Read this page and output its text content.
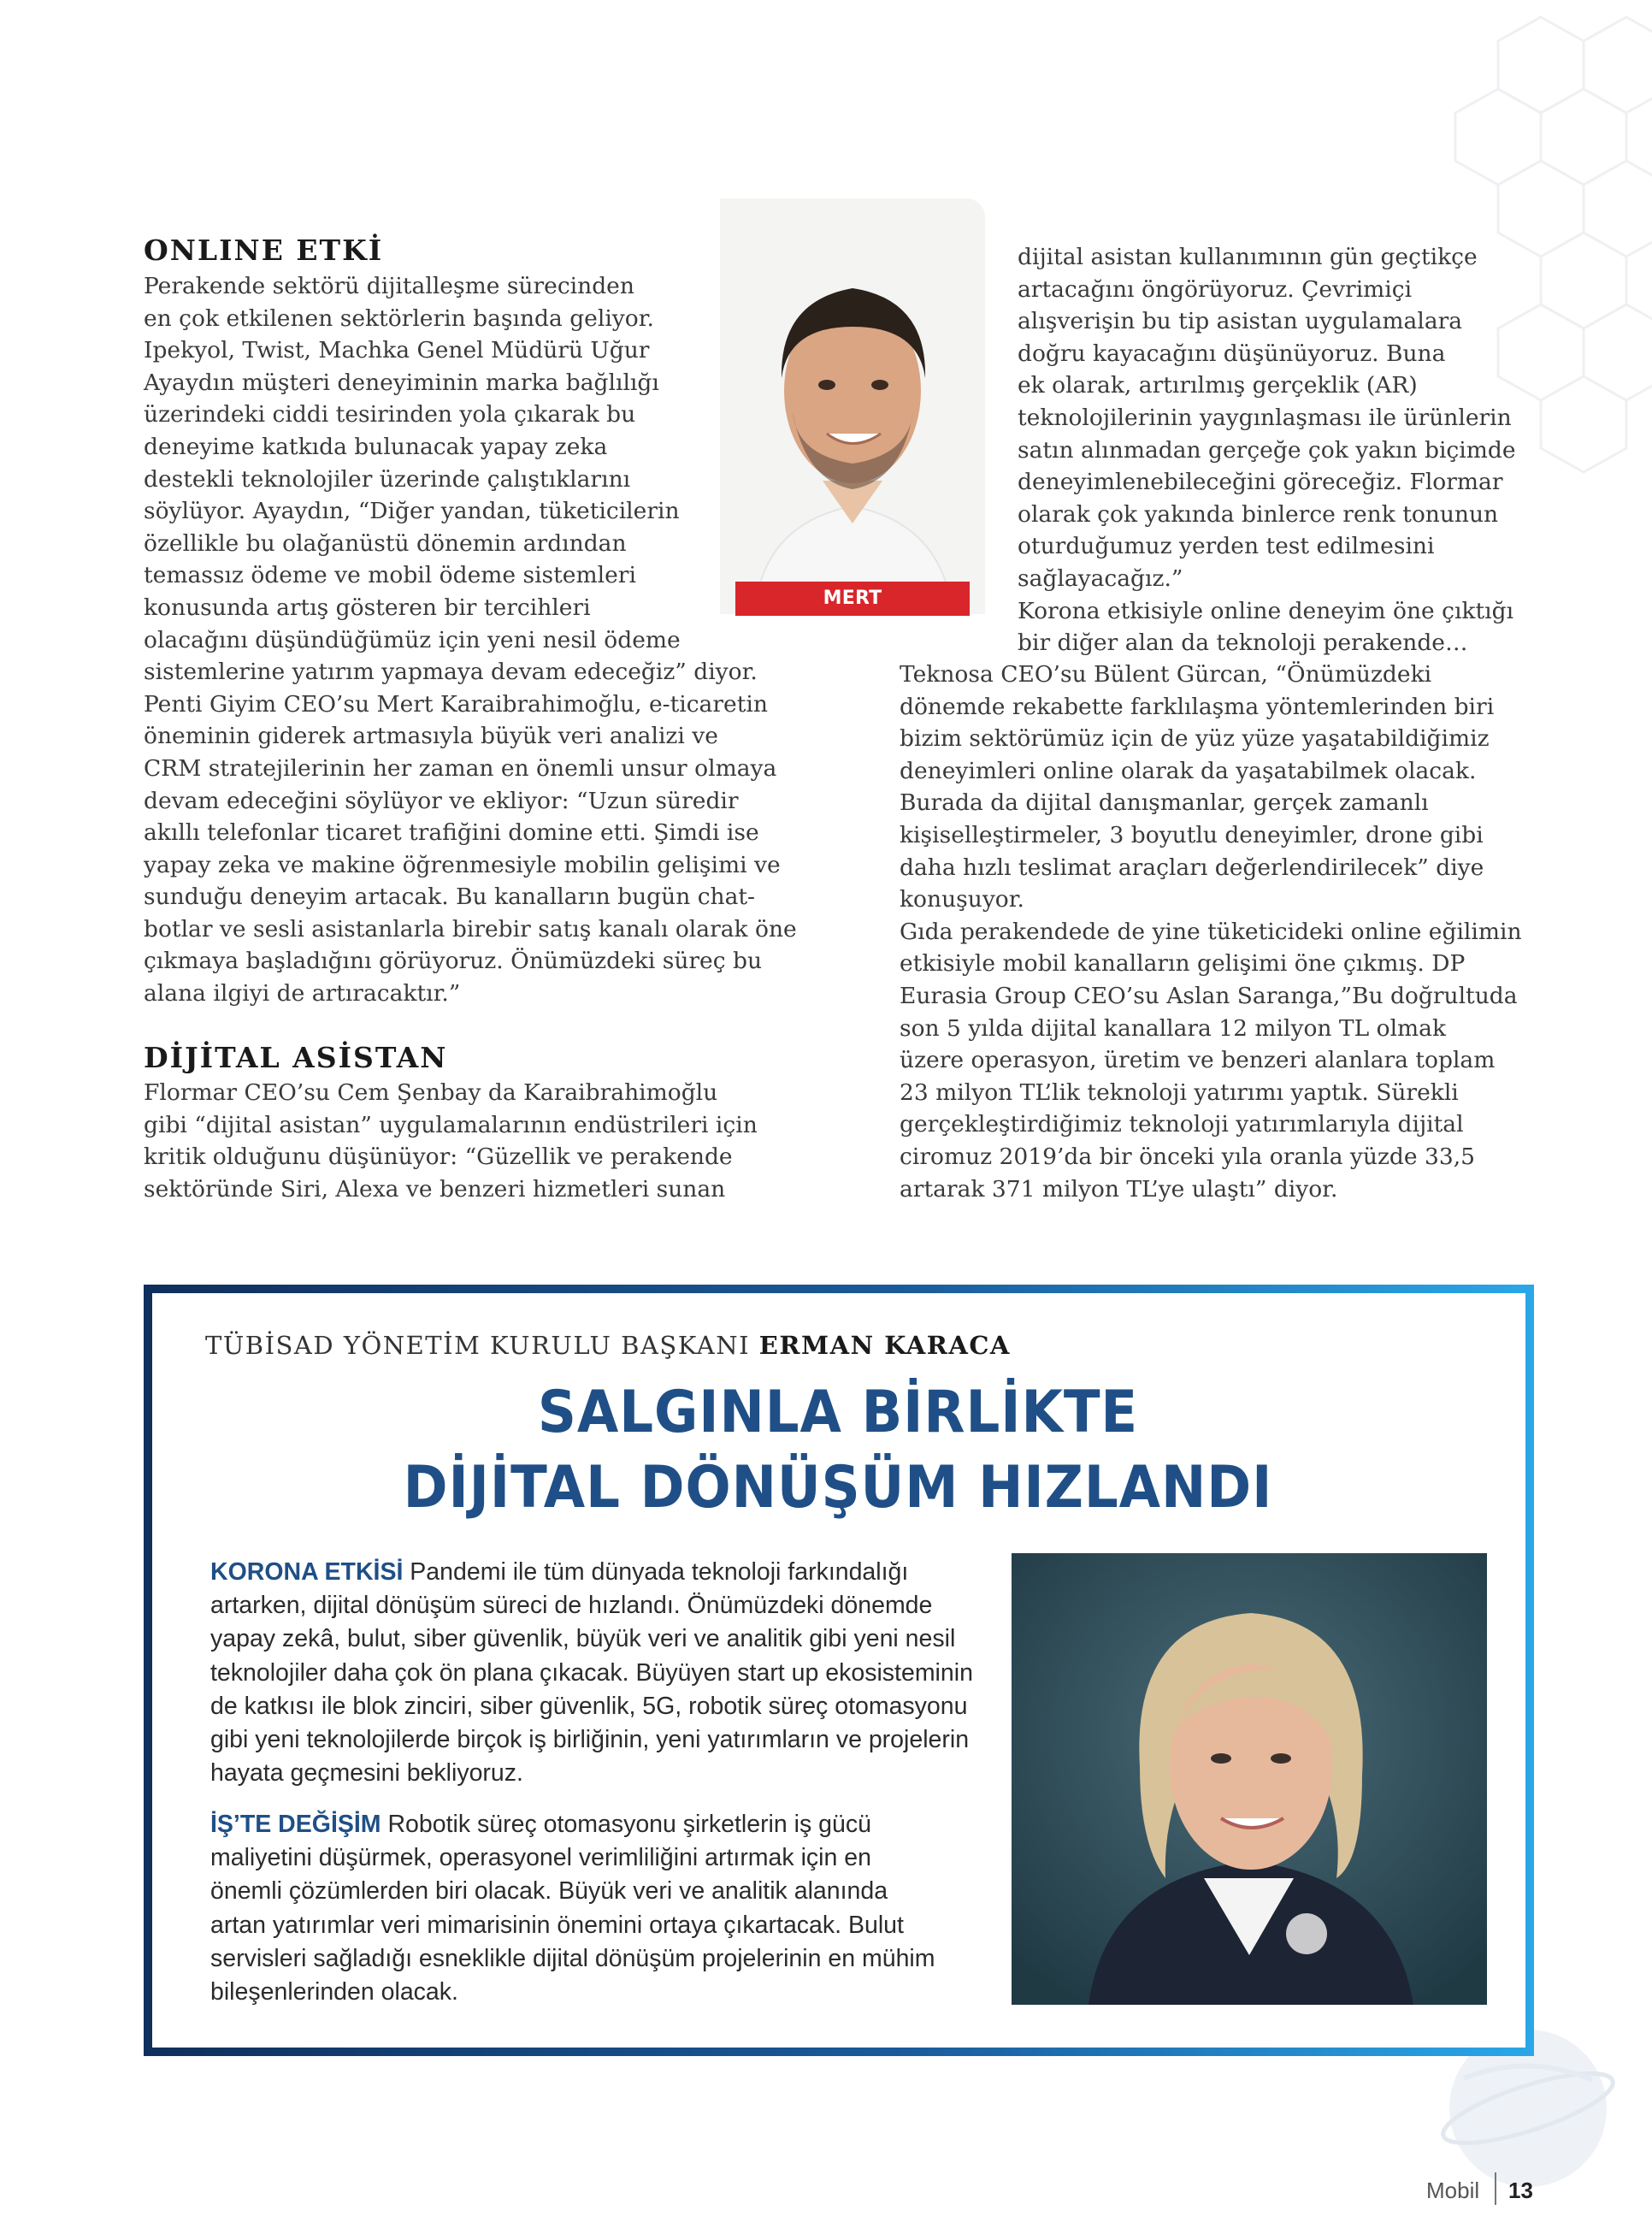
ONLINE ETKİ

Perakende sektörü dijitalleşme sürecinden
en çok etkilenen sektörlerin başında geliyor.
Ipekyol, Twist, Machka Genel Müdürü Uğur
Ayaydın müşteri deneyiminin marka bağlılığı
üzerindeki ciddi tesirinden yola çıkarak bu
deneyime katkıda bulunacak yapay zeka
destekli teknolojiler üzerinde çalıştıklarını
söylüyor. Ayaydın, “Diğer yandan, tüketicilerin
özellikle bu olağanüstü dönemin ardından
temassız ödeme ve mobil ödeme sistemleri
konusunda artış gösteren bir tercihleri
olacağını düşündüğümüz için yeni nesil ödeme
sistemlerine yatırım yapmaya devam edeceğiz” diyor.
Penti Giyim CEO’su Mert Karaibrahimoğlu, e-ticaretin
öneminin giderek artmasıyla büyük veri analizi ve
CRM stratejilerinin her zaman en önemli unsur olmaya
devam edeceğini söylüyor ve ekliyor: “Uzun süredir
akıllı telefonlar ticaret trafiğini domine etti. Şimdi ise
yapay zeka ve makine öğrenmesiyle mobilin gelişimi ve
sunduğu deneyim artacak. Bu kanalların bugün chat-
botlar ve sesli asistanlarla birebir satış kanalı olarak öne
çıkmaya başladığını görüyoruz. Önümüzdeki süreç bu
alana ilgiyi de artıracaktır.”

DİJİTAL ASİSTAN

Flormar CEO’su Cem Şenbay da Karaibrahimoğlu
gibi “dijital asistan” uygulamalarının endüstrileri için
kritik olduğunu düşünüyor: “Güzellik ve perakende
sektöründe Siri, Alexa ve benzeri hizmetleri sunan

MERT KARAİBRAHİMOĞLU

dijital asistan kullanımının gün geçtikçe
artacağını öngörüyoruz. Çevrimiçi
alışverişin bu tip asistan uygulamalara
doğru kayacağını düşünüyoruz. Buna
ek olarak, artırılmış gerçeklik (AR)
teknolojilerinin yaygınlaşması ile ürünlerin
satın alınmadan gerçeğe çok yakın biçimde
deneyimlenebileceğini göreceğiz. Flormar
olarak çok yakında binlerce renk tonunun
oturduğumuz yerden test edilmesini
sağlayacağız.”
Korona etkisiyle online deneyim öne çıktığı
bir diğer alan da teknoloji perakende…

Teknosa CEO’su Bülent Gürcan, “Önümüzdeki
dönemde rekabette farklılaşma yöntemlerinden biri
bizim sektörümüz için de yüz yüze yaşatabildiğimiz
deneyimleri online olarak da yaşatabilmek olacak.
Burada da dijital danışmanlar, gerçek zamanlı
kişiselleştirmeler, 3 boyutlu deneyimler, drone gibi
daha hızlı teslimat araçları değerlendirilecek” diye
konuşuyor.
Gıda perakendede de yine tüketicideki online eğilimin
etkisiyle mobil kanalların gelişimi öne çıkmış. DP
Eurasia Group CEO’su Aslan Saranga,”Bu doğrultuda
son 5 yılda dijital kanallara 12 milyon TL olmak
üzere operasyon, üretim ve benzeri alanlara toplam
23 milyon TL’lik teknoloji yatırımı yaptık. Sürekli
gerçekleştirdiğimiz teknoloji yatırımlarıyla dijital
ciromuz 2019’da bir önceki yıla oranla yüzde 33,5
artarak 371 milyon TL’ye ulaştı” diyor.

TÜBİSAD YÖNETİM KURULU BAŞKANI ERMAN KARACA
SALGINLA BİRLİKTE
DİJİTAL DÖNÜŞÜM HIZLANDI

KORONA ETKİSİ Pandemi ile tüm dünyada teknoloji farkındalığı
artarken, dijital dönüşüm süreci de hızlandı. Önümüzdeki dönemde
yapay zekâ, bulut, siber güvenlik, büyük veri ve analitik gibi yeni nesil
teknolojiler daha çok ön plana çıkacak. Büyüyen start up ekosisteminin
de katkısı ile blok zinciri, siber güvenlik, 5G, robotik süreç otomasyonu
gibi yeni teknolojilerde birçok iş birliğinin, yeni yatırımların ve projelerin
hayata geçmesini bekliyoruz.

İŞ’TE DEĞİŞİM Robotik süreç otomasyonu şirketlerin iş gücü
maliyetini düşürmek, operasyonel verimliliğini artırmak için en
önemli çözümlerden biri olacak. Büyük veri ve analitik alanında
artan yatırımlar veri mimarisinin önemini ortaya çıkartacak. Bulut
servisleri sağladığı esneklikle dijital dönüşüm projelerinin en mühim
bileşenlerinden olacak.

Mobil 13
